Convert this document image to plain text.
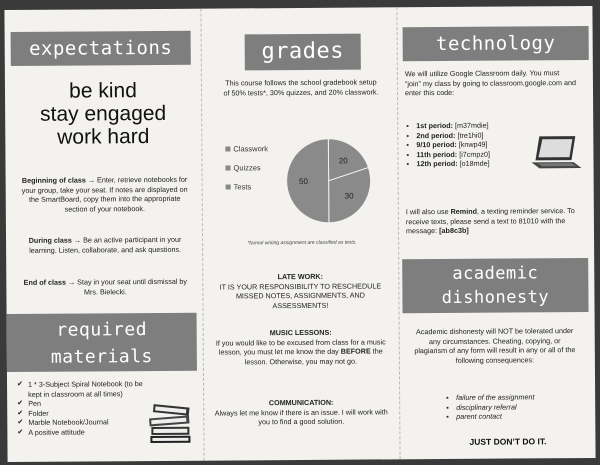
expectations
be kind
stay engaged
work hard
Beginning of class → Enter, retrieve notebooks for your group, take your seat. If notes are displayed on the SmartBoard, copy them into the appropriate section of your notebook.
During class → Be an active participant in your learning. Listen, collaborate, and ask questions.
End of class → Stay in your seat until dismissal by Mrs. Bielecki.
required
materials
✔ 1 * 3-Subject Spiral Notebook (to be kept in classroom at all times)
✔ Pen
✔ Folder
✔ Marble Notebook/Journal
✔ A positive attitude
grades
This course follows the school gradebook setup of 50% tests*, 30% quizzes, and 20% classwork.
Classwork
Quizzes
Tests
20
30
50
*formal writing assignment are classified as tests.
LATE WORK:
IT IS YOUR RESPONSIBILITY TO RESCHEDULE MISSED NOTES, ASSIGNMENTS, AND ASSESSMENTS!
MUSIC LESSONS:
If you would like to be excused from class for a music lesson, you must let me know the day BEFORE the lesson. Otherwise, you may not go.
COMMUNICATION:
Always let me know if there is an issue. I will work with you to find a good solution.
technology
We will utilize Google Classroom daily. You must “join” my class by going to classroom.google.com and enter this code:
▪ 1st period: [m37mdie]
▪ 2nd period: [tre1hi0]
▪ 9/10 period: [knwp49]
▪ 11th period: [i7cmpz0]
▪ 12th period: [o18mde]
I will also use Remind, a texting reminder service. To receive texts, please send a text to 81010 with the message: [ab8c3b]
academic
dishonesty
Academic dishonesty will NOT be tolerated under any circumstances. Cheating, copying, or plagiarism of any form will result in any or all of the following consequences:
▪ failure of the assignment
▪ disciplinary referral
▪ parent contact
JUST DON’T DO IT.
